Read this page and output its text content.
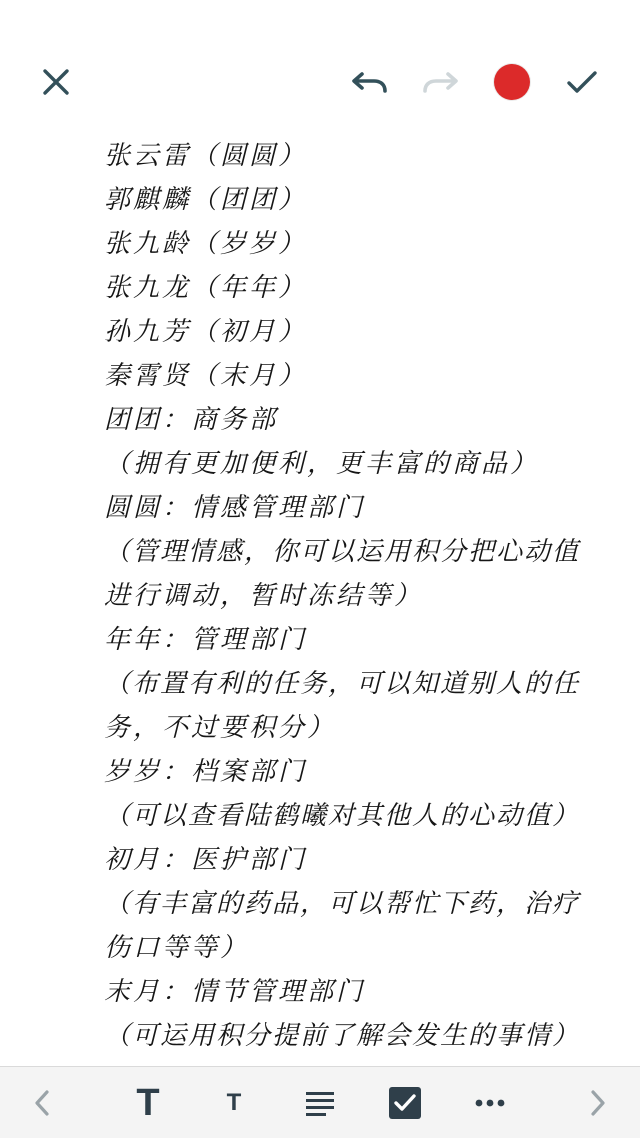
张云雷（圆圆）
郭麒麟（团团）
张九龄（岁岁）
张九龙（年年）
孙九芳（初月）
秦霄贤（末月）
团团：商务部
（拥有更加便利，更丰富的商品）
圆圆：情感管理部门
（管理情感，你可以运用积分把心动值
进行调动，暂时冻结等）
年年：管理部门
（布置有利的任务，可以知道别人的任
务，不过要积分）
岁岁：档案部门
（可以查看陆鹤曦对其他人的心动值）
初月：医护部门
（有丰富的药品，可以帮忙下药，治疗
伤口等等）
末月：情节管理部门
（可运用积分提前了解会发生的事情）
T	T
